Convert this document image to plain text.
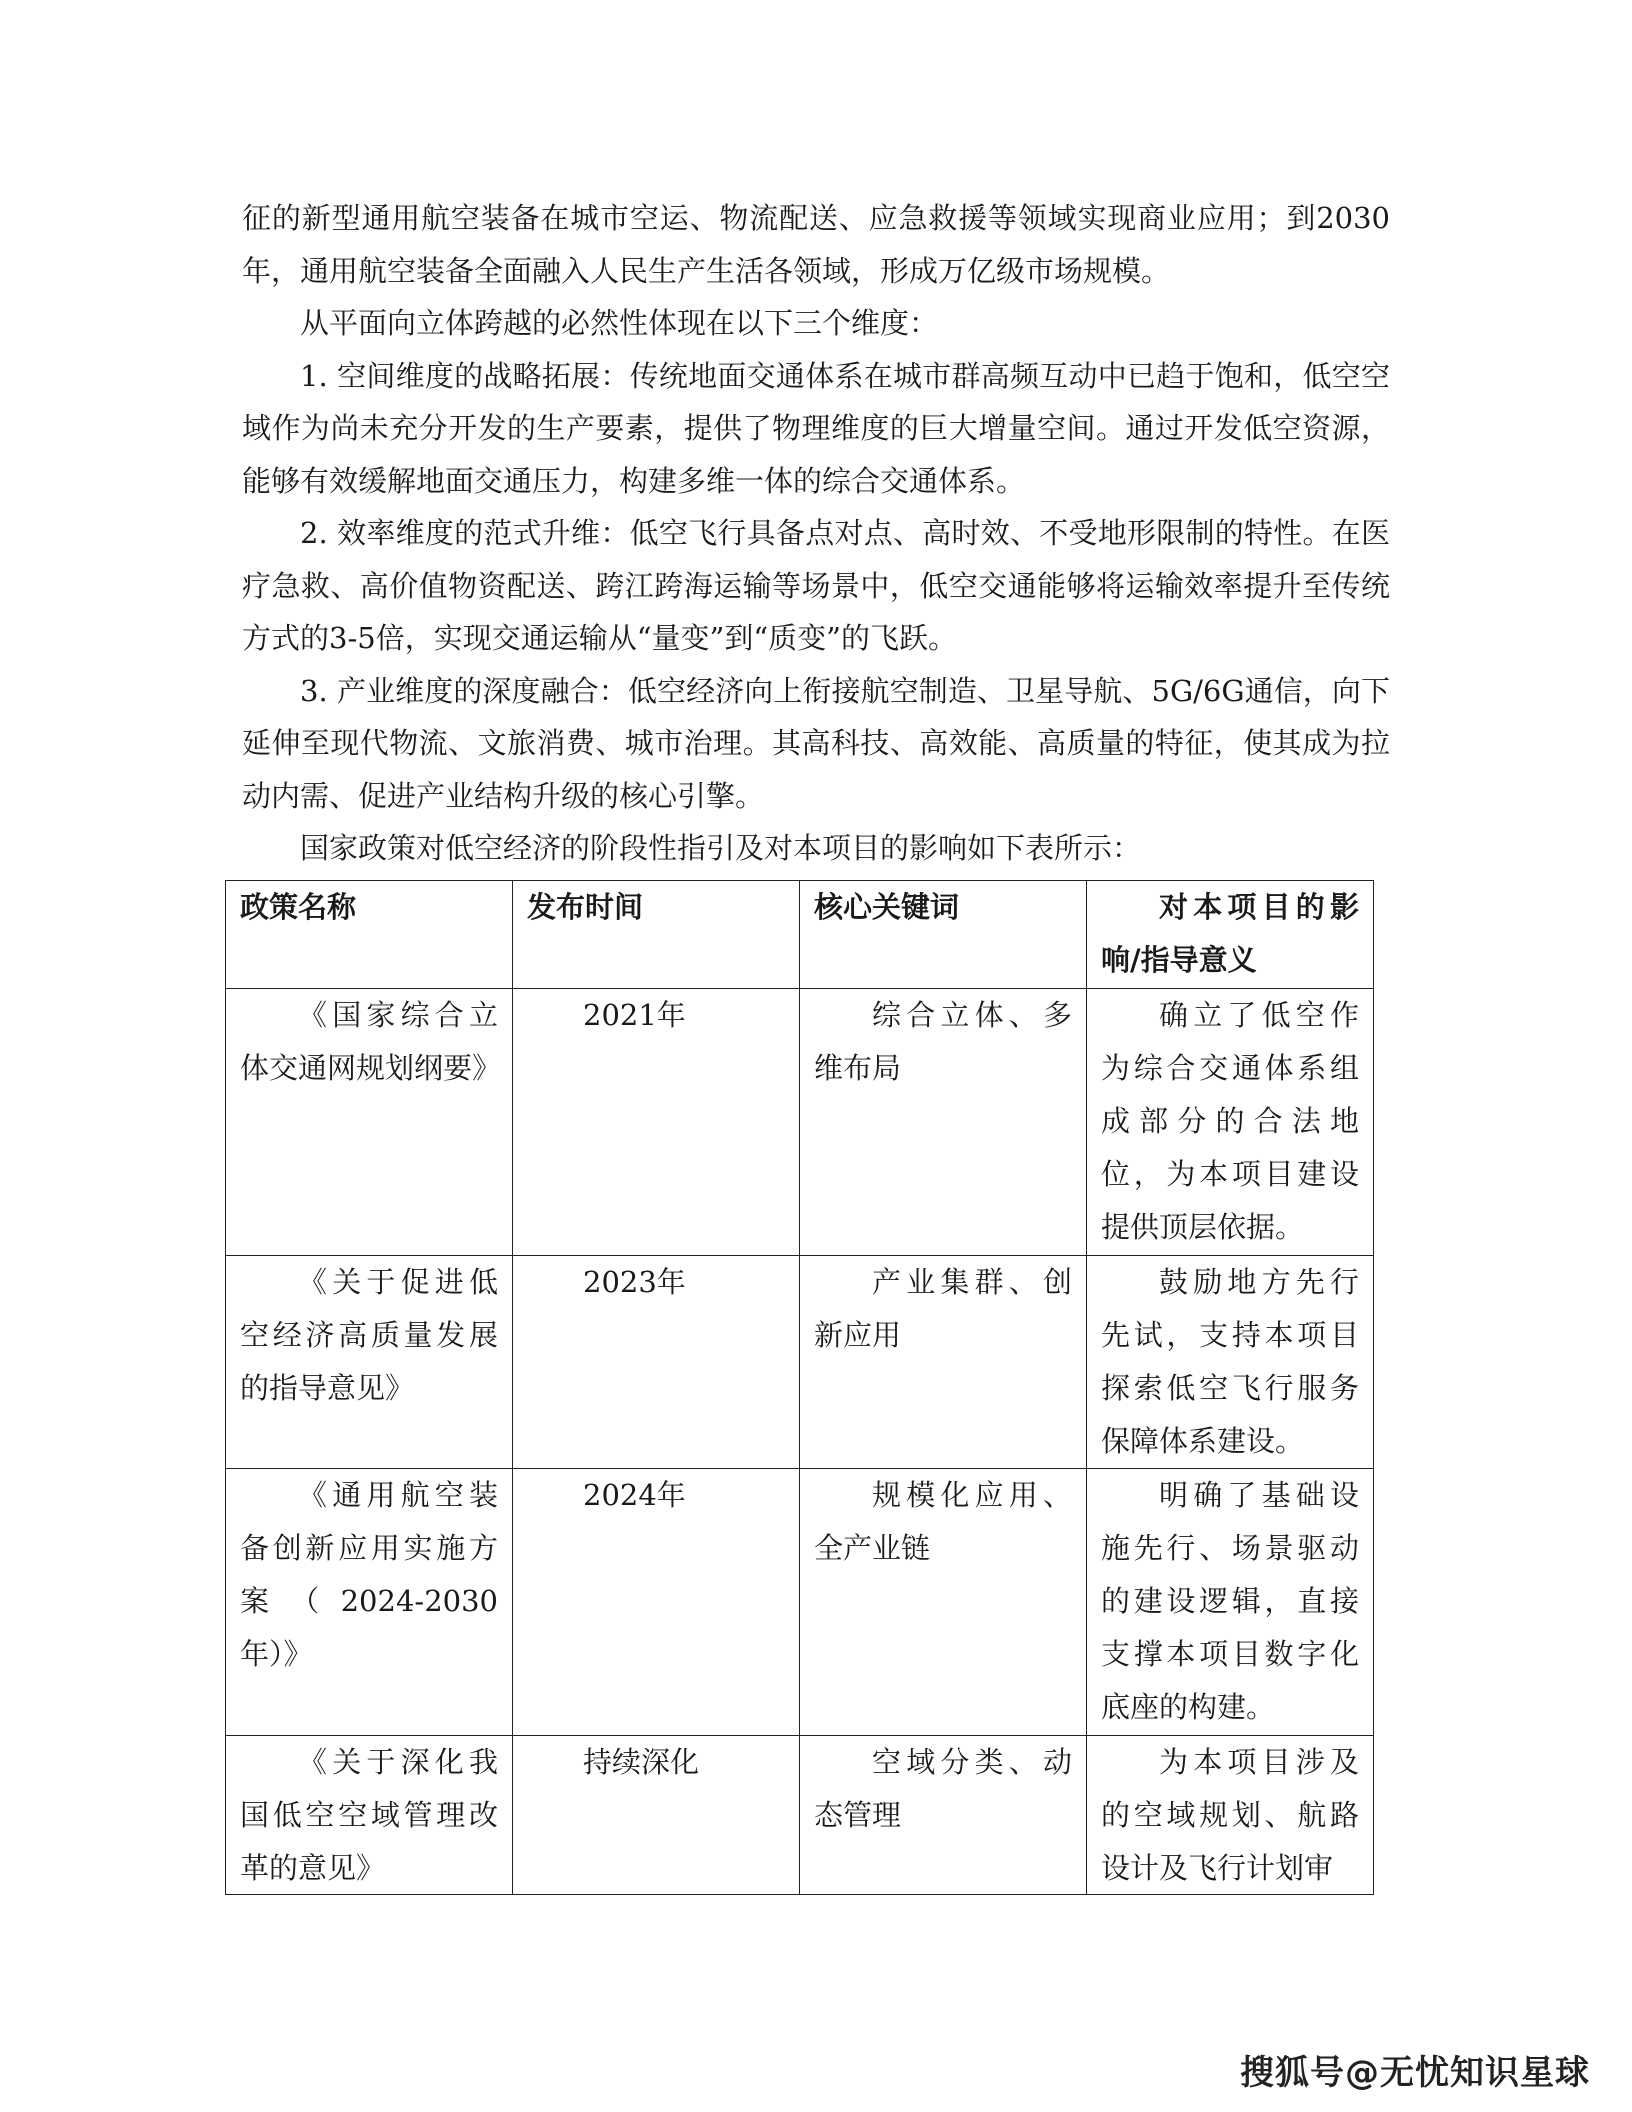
征的新型通用航空装备在城市空运、物流配送、应急救援等领域实现商业应用；到2030年，通用航空装备全面融入人民生产生活各领域，形成万亿级市场规模。

从平面向立体跨越的必然性体现在以下三个维度：

1. 空间维度的战略拓展：传统地面交通体系在城市群高频互动中已趋于饱和，低空空域作为尚未充分开发的生产要素，提供了物理维度的巨大增量空间。通过开发低空资源，能够有效缓解地面交通压力，构建多维一体的综合交通体系。

2. 效率维度的范式升维：低空飞行具备点对点、高时效、不受地形限制的特性。在医疗急救、高价值物资配送、跨江跨海运输等场景中，低空交通能够将运输效率提升至传统方式的3-5倍，实现交通运输从“量变”到“质变”的飞跃。

3. 产业维度的深度融合：低空经济向上衔接航空制造、卫星导航、5G/6G通信，向下延伸至现代物流、文旅消费、城市治理。其高科技、高效能、高质量的特征，使其成为拉动内需、促进产业结构升级的核心引擎。

国家政策对低空经济的阶段性指引及对本项目的影响如下表所示：

政策名称	发布时间	核心关键词	对本项目的影响/指导意义
《国家综合立体交通网规划纲要》	2021年	综合立体、多维布局	确立了低空作为综合交通体系组成部分的合法地位，为本项目建设提供顶层依据。
《关于促进低空经济高质量发展的指导意见》	2023年	产业集群、创新应用	鼓励地方先行先试，支持本项目探索低空飞行服务保障体系建设。
《通用航空装备创新应用实施方案（2024-2030年）》	2024年	规模化应用、全产业链	明确了基础设施先行、场景驱动的建设逻辑，直接支撑本项目数字化底座的构建。

《关于深化我国低空空域管理改革的意见》	持续深化	空域分类、动态管理	为本项目涉及的空域规划、航路设计及飞行计划审
搜狐号@无忧知识星球
